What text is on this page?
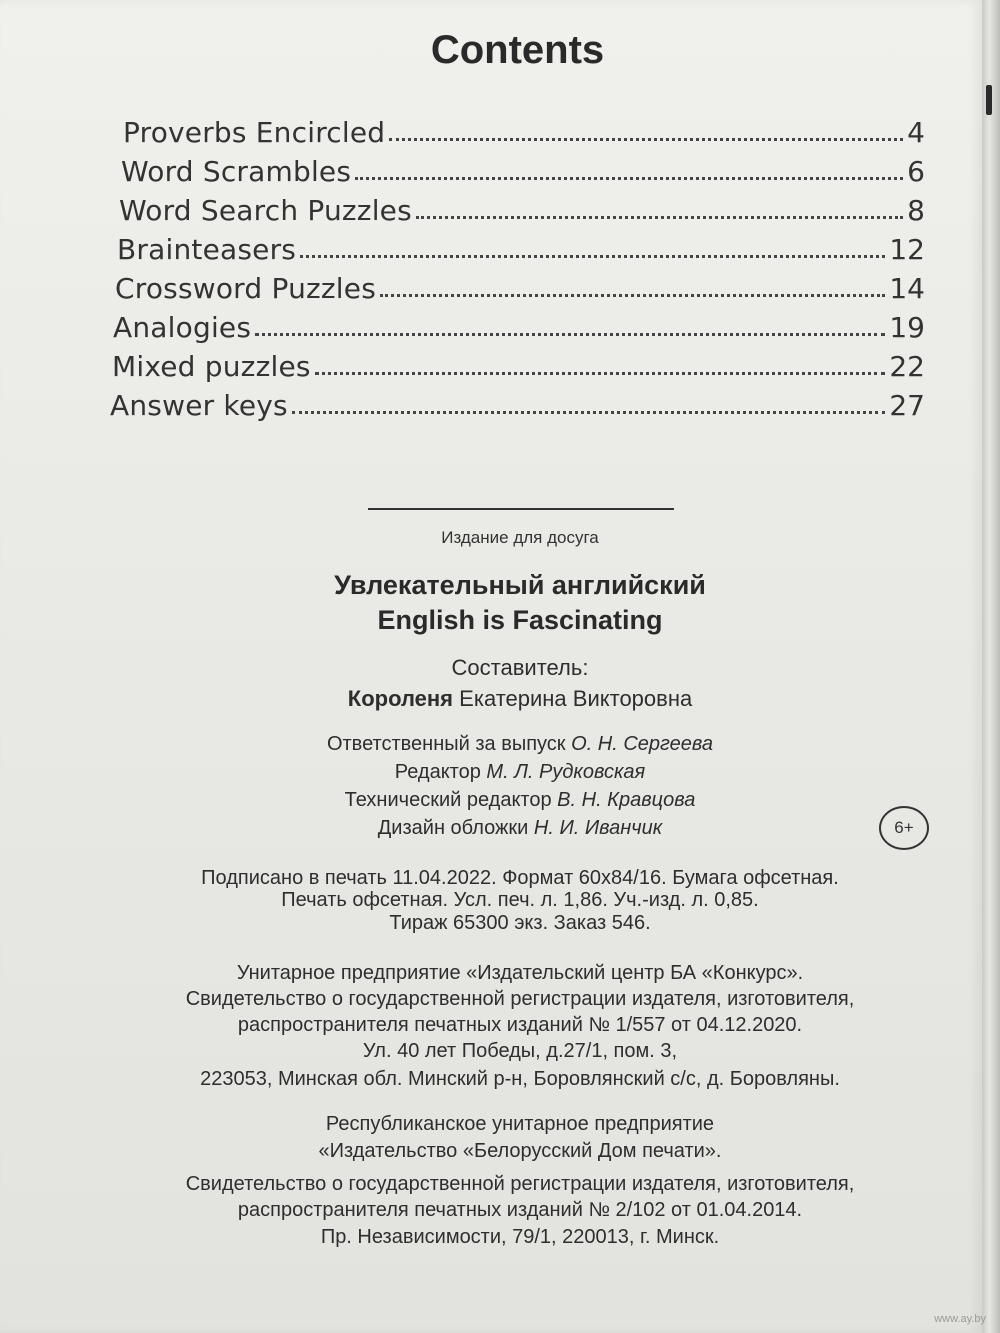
Contents
Proverbs Encircled	4
Word Scrambles	6
Word Search Puzzles	8
Brainteasers	12
Crossword Puzzles	14
Analogies	19
Mixed puzzles	22
Answer keys	27
Издание для досуга
Увлекательный английский
English is Fascinating
Составитель:
Короленя Екатерина Викторовна
Ответственный за выпуск О. Н. Сергеева
Редактор М. Л. Рудковская
Технический редактор В. Н. Кравцова
Дизайн обложки Н. И. Иванчик	6+
Подписано в печать 11.04.2022. Формат 60х84/16. Бумага офсетная.
Печать офсетная. Усл. печ. л. 1,86. Уч.-изд. л. 0,85.
Тираж 65300 экз. Заказ 546.
Унитарное предприятие «Издательский центр БА «Конкурс».
Свидетельство о государственной регистрации издателя, изготовителя,
распространителя печатных изданий № 1/557 от 04.12.2020.
Ул. 40 лет Победы, д.27/1, пом. 3,
223053, Минская обл. Минский р-н, Боровлянский с/с, д. Боровляны.
Республиканское унитарное предприятие
«Издательство «Белорусский Дом печати».
Свидетельство о государственной регистрации издателя, изготовителя,
распространителя печатных изданий № 2/102 от 01.04.2014.
Пр. Независимости, 79/1, 220013, г. Минск.
www.ay.by
